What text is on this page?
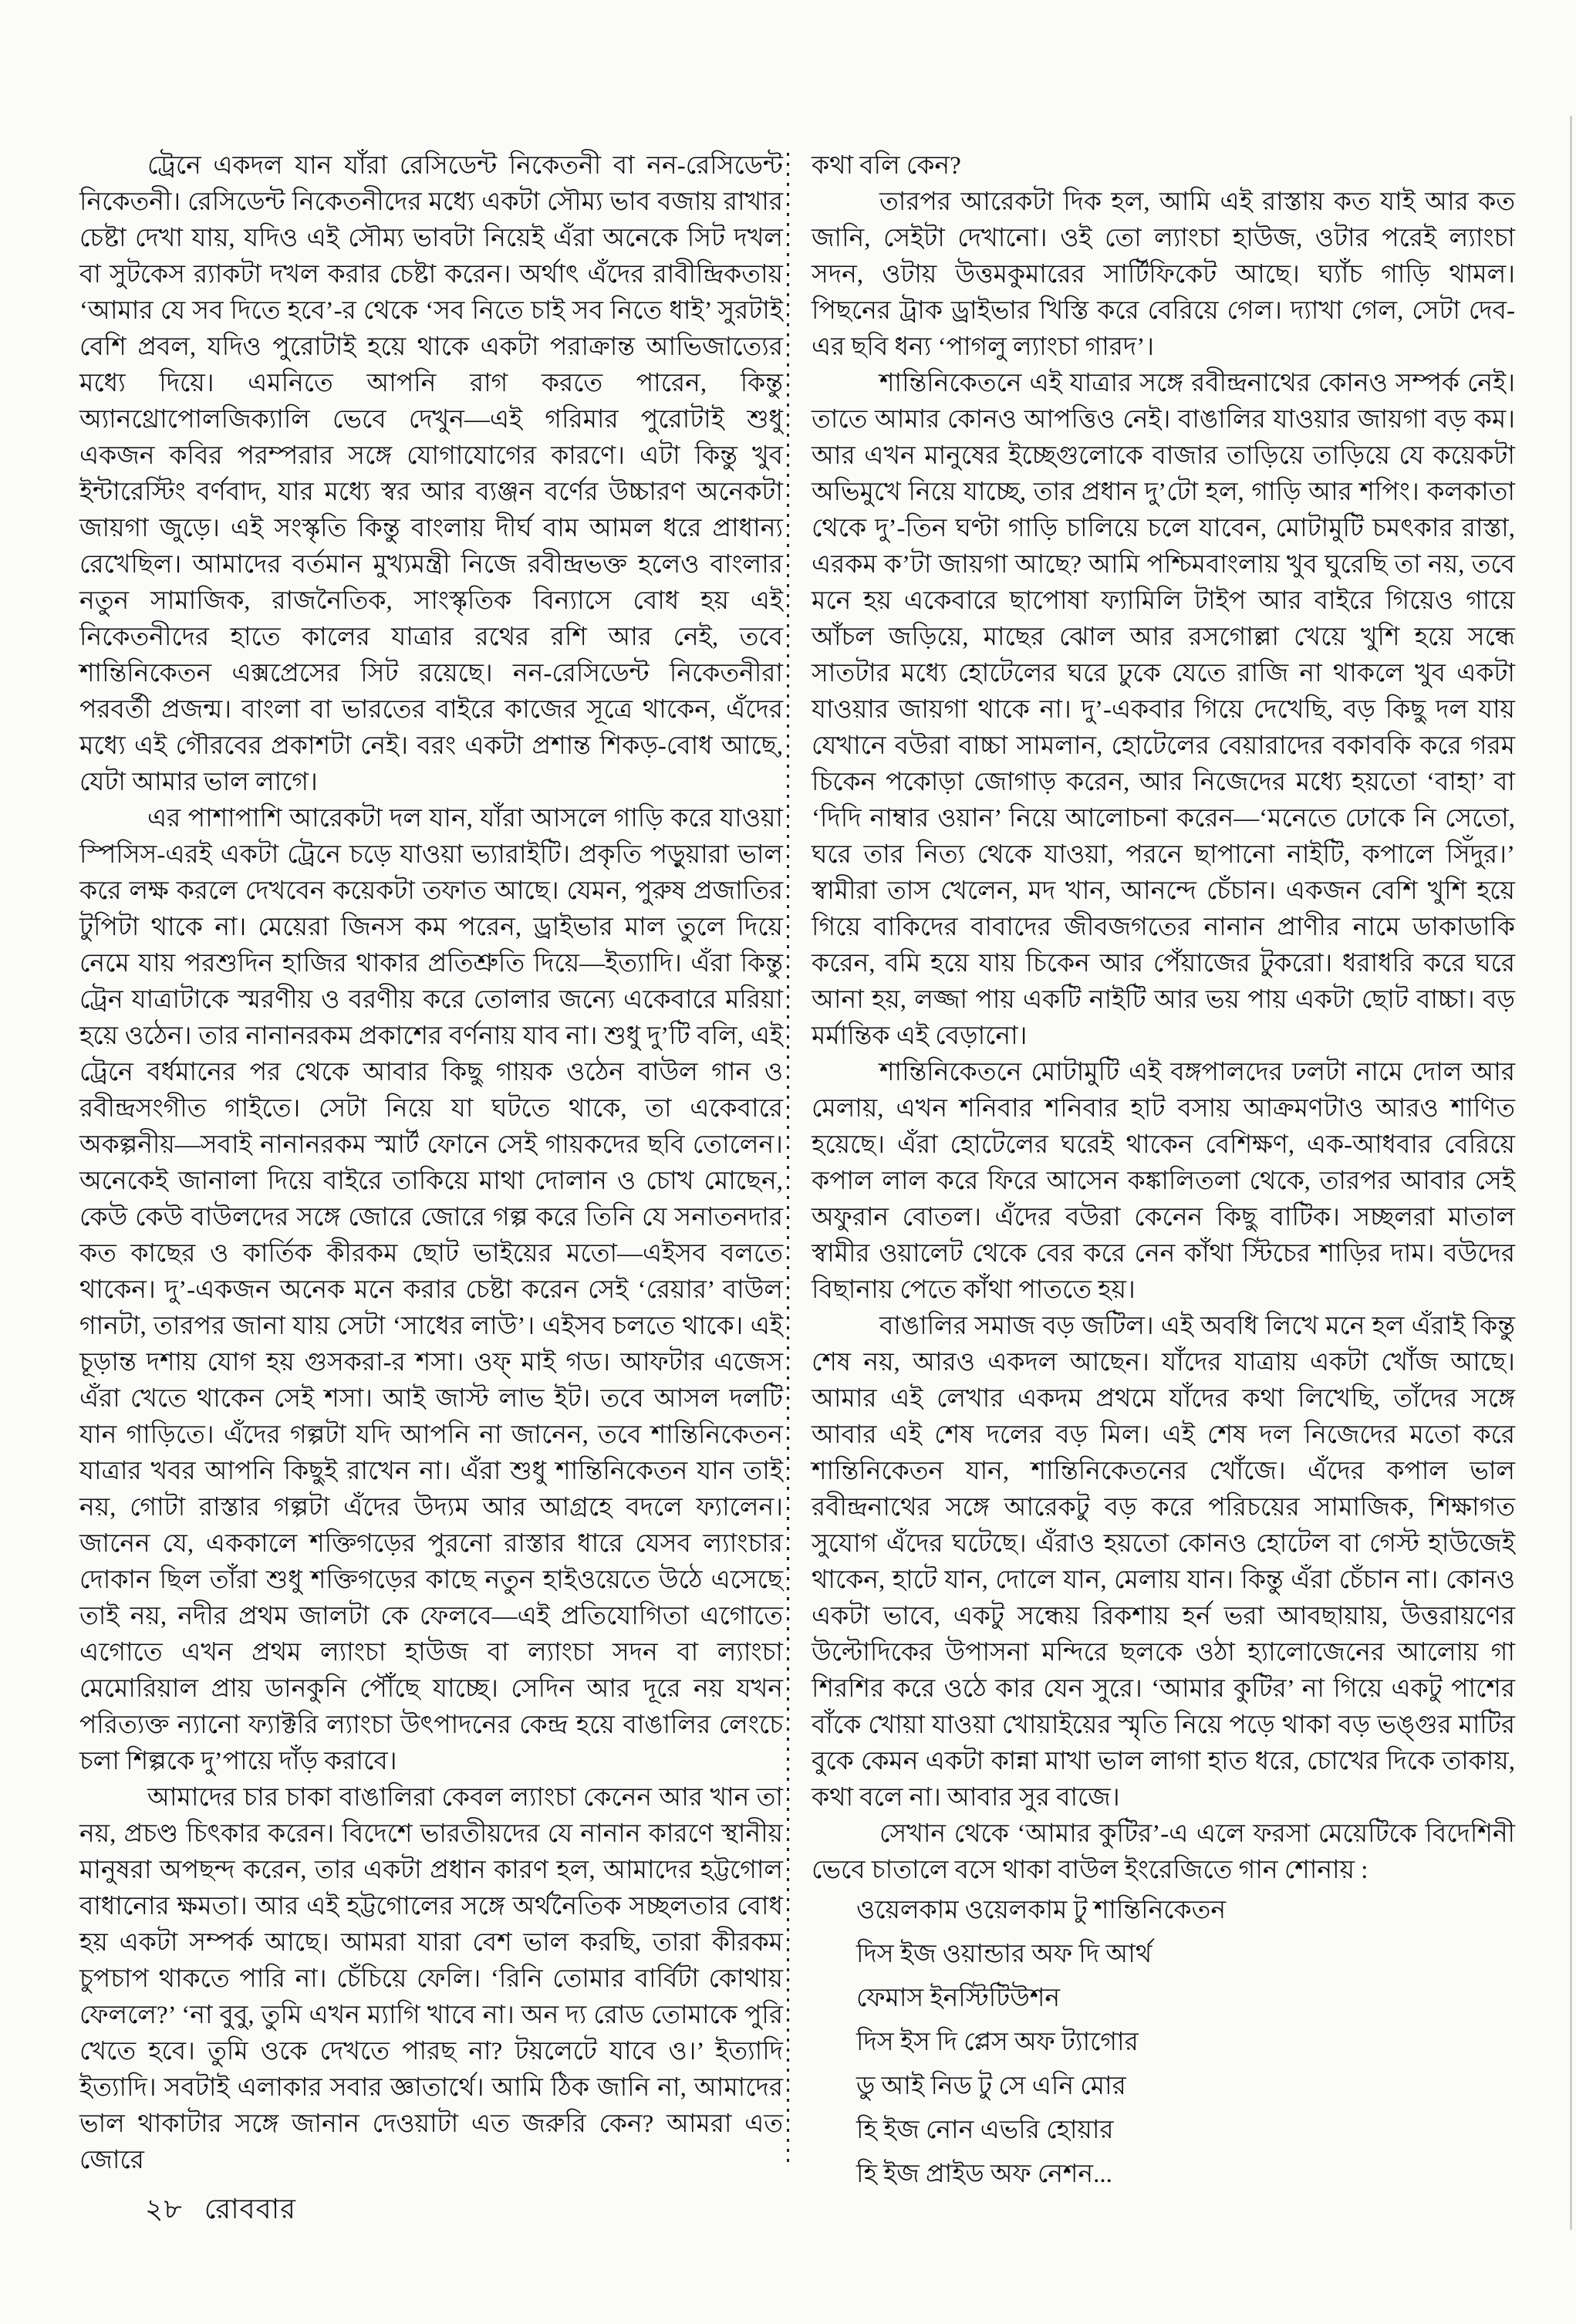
ট্রেনে একদল যান যাঁরা রেসিডেন্ট নিকেতনী বা নন-রেসিডেন্ট নিকেতনী। রেসিডেন্ট নিকেতনীদের মধ্যে একটা সৌম্য ভাব বজায় রাখার চেষ্টা দেখা যায়, যদিও এই সৌম্য ভাবটা নিয়েই এঁরা অনেকে সিট দখল বা সুটকেস র‍্যাকটা দখল করার চেষ্টা করেন। অর্থাৎ এঁদের রাবীন্দ্রিকতায় ‘আমার যে সব দিতে হবে’-র থেকে ‘সব নিতে চাই সব নিতে ধাই’ সুরটাই বেশি প্রবল, যদিও পুরোটাই হয়ে থাকে একটা পরাক্রান্ত আভিজাত্যের মধ্যে দিয়ে। এমনিতে আপনি রাগ করতে পারেন, কিন্তু অ্যানথ্রোপোলজিক্যালি ভেবে দেখুন—এই গরিমার পুরোটাই শুধু একজন কবির পরম্পরার সঙ্গে যোগাযোগের কারণে। এটা কিন্তু খুব ইন্টারেস্টিং বর্ণবাদ, যার মধ্যে স্বর আর ব্যঞ্জন বর্ণের উচ্চারণ অনেকটা জায়গা জুড়ে। এই সংস্কৃতি কিন্তু বাংলায় দীর্ঘ বাম আমল ধরে প্রাধান্য রেখেছিল। আমাদের বর্তমান মুখ্যমন্ত্রী নিজে রবীন্দ্রভক্ত হলেও বাংলার নতুন সামাজিক, রাজনৈতিক, সাংস্কৃতিক বিন্যাসে বোধ হয় এই নিকেতনীদের হাতে কালের যাত্রার রথের রশি আর নেই, তবে শান্তিনিকেতন এক্সপ্রেসের সিট রয়েছে। নন-রেসিডেন্ট নিকেতনীরা পরবর্তী প্রজন্ম। বাংলা বা ভারতের বাইরে কাজের সূত্রে থাকেন, এঁদের মধ্যে এই গৌরবের প্রকাশটা নেই। বরং একটা প্রশান্ত শিকড়-বোধ আছে, যেটা আমার ভাল লাগে।

এর পাশাপাশি আরেকটা দল যান, যাঁরা আসলে গাড়ি করে যাওয়া স্পিসিস-এরই একটা ট্রেনে চড়ে যাওয়া ভ্যারাইটি। প্রকৃতি পড়ুয়ারা ভাল করে লক্ষ করলে দেখবেন কয়েকটা তফাত আছে। যেমন, পুরুষ প্রজাতির টুপিটা থাকে না। মেয়েরা জিনস কম পরেন, ড্রাইভার মাল তুলে দিয়ে নেমে যায় পরশুদিন হাজির থাকার প্রতিশ্রুতি দিয়ে—ইত্যাদি। এঁরা কিন্তু ট্রেন যাত্রাটাকে স্মরণীয় ও বরণীয় করে তোলার জন্যে একেবারে মরিয়া হয়ে ওঠেন। তার নানানরকম প্রকাশের বর্ণনায় যাব না। শুধু দু’টি বলি, এই ট্রেনে বর্ধমানের পর থেকে আবার কিছু গায়ক ওঠেন বাউল গান ও রবীন্দ্রসংগীত গাইতে। সেটা নিয়ে যা ঘটতে থাকে, তা একেবারে অকল্পনীয়—সবাই নানানরকম স্মার্ট ফোনে সেই গায়কদের ছবি তোলেন। অনেকেই জানালা দিয়ে বাইরে তাকিয়ে মাথা দোলান ও চোখ মোছেন, কেউ কেউ বাউলদের সঙ্গে জোরে জোরে গল্প করে তিনি যে সনাতনদার কত কাছের ও কার্তিক কীরকম ছোট ভাইয়ের মতো—এইসব বলতে থাকেন। দু’-একজন অনেক মনে করার চেষ্টা করেন সেই ‘রেয়ার’ বাউল গানটা, তারপর জানা যায় সেটা ‘সাধের লাউ’। এইসব চলতে থাকে। এই চূড়ান্ত দশায় যোগ হয় গুসকরা-র শসা। ওফ্ মাই গড। আফটার এজেস এঁরা খেতে থাকেন সেই শসা। আই জাস্ট লাভ ইট। তবে আসল দলটি যান গাড়িতে। এঁদের গল্পটা যদি আপনি না জানেন, তবে শান্তিনিকেতন যাত্রার খবর আপনি কিছুই রাখেন না। এঁরা শুধু শান্তিনিকেতন যান তাই নয়, গোটা রাস্তার গল্পটা এঁদের উদ্যম আর আগ্রহে বদলে ফ্যালেন। জানেন যে, এককালে শক্তিগড়ের পুরনো রাস্তার ধারে যেসব ল্যাংচার দোকান ছিল তাঁরা শুধু শক্তিগড়ের কাছে নতুন হাইওয়েতে উঠে এসেছে তাই নয়, নদীর প্রথম জালটা কে ফেলবে—এই প্রতিযোগিতা এগোতে এগোতে এখন প্রথম ল্যাংচা হাউজ বা ল্যাংচা সদন বা ল্যাংচা মেমোরিয়াল প্রায় ডানকুনি পৌঁছে যাচ্ছে। সেদিন আর দূরে নয় যখন পরিত্যক্ত ন্যানো ফ্যাক্টরি ল্যাংচা উৎপাদনের কেন্দ্র হয়ে বাঙালির লেংচে চলা শিল্পকে দু’পায়ে দাঁড় করাবে।

আমাদের চার চাকা বাঙালিরা কেবল ল্যাংচা কেনেন আর খান তা নয়, প্রচণ্ড চিৎকার করেন। বিদেশে ভারতীয়দের যে নানান কারণে স্থানীয় মানুষরা অপছন্দ করেন, তার একটা প্রধান কারণ হল, আমাদের হট্টগোল বাধানোর ক্ষমতা। আর এই হট্টগোলের সঙ্গে অর্থনৈতিক সচ্ছলতার বোধ হয় একটা সম্পর্ক আছে। আমরা যারা বেশ ভাল করছি, তারা কীরকম চুপচাপ থাকতে পারি না। চেঁচিয়ে ফেলি। ‘রিনি তোমার বার্বিটা কোথায় ফেললে?’ ‘না বুবু, তুমি এখন ম্যাগি খাবে না। অন দ্য রোড তোমাকে পুরি খেতে হবে। তুমি ওকে দেখতে পারছ না? টয়লেটে যাবে ও।’ ইত্যাদি ইত্যাদি। সবটাই এলাকার সবার জ্ঞাতার্থে। আমি ঠিক জানি না, আমাদের ভাল থাকাটার সঙ্গে জানান দেওয়াটা এত জরুরি কেন? আমরা এত জোরে

কথা বলি কেন?

তারপর আরেকটা দিক হল, আমি এই রাস্তায় কত যাই আর কত জানি, সেইটা দেখানো। ওই তো ল্যাংচা হাউজ, ওটার পরেই ল্যাংচা সদন, ওটায় উত্তমকুমারের সার্টিফিকেট আছে। ঘ্যাঁচ গাড়ি থামল। পিছনের ট্রাক ড্রাইভার খিস্তি করে বেরিয়ে গেল। দ্যাখা গেল, সেটা দেব-এর ছবি ধন্য ‘পাগলু ল্যাংচা গারদ’।

শান্তিনিকেতনে এই যাত্রার সঙ্গে রবীন্দ্রনাথের কোনও সম্পর্ক নেই। তাতে আমার কোনও আপত্তিও নেই। বাঙালির যাওয়ার জায়গা বড় কম। আর এখন মানুষের ইচ্ছেগুলোকে বাজার তাড়িয়ে তাড়িয়ে যে কয়েকটা অভিমুখে নিয়ে যাচ্ছে, তার প্রধান দু’টো হল, গাড়ি আর শপিং। কলকাতা থেকে দু’-তিন ঘণ্টা গাড়ি চালিয়ে চলে যাবেন, মোটামুটি চমৎকার রাস্তা, এরকম ক’টা জায়গা আছে? আমি পশ্চিমবাংলায় খুব ঘুরেছি তা নয়, তবে মনে হয় একেবারে ছাপোষা ফ্যামিলি টাইপ আর বাইরে গিয়েও গায়ে আঁচল জড়িয়ে, মাছের ঝোল আর রসগোল্লা খেয়ে খুশি হয়ে সন্ধে সাতটার মধ্যে হোটেলের ঘরে ঢুকে যেতে রাজি না থাকলে খুব একটা যাওয়ার জায়গা থাকে না। দু’-একবার গিয়ে দেখেছি, বড় কিছু দল যায় যেখানে বউরা বাচ্চা সামলান, হোটেলের বেয়ারাদের বকাবকি করে গরম চিকেন পকোড়া জোগাড় করেন, আর নিজেদের মধ্যে হয়তো ‘বাহা’ বা ‘দিদি নাম্বার ওয়ান’ নিয়ে আলোচনা করেন—‘মনেতে ঢোকে নি সেতো, ঘরে তার নিত্য থেকে যাওয়া, পরনে ছাপানো নাইটি, কপালে সিঁদুর।’ স্বামীরা তাস খেলেন, মদ খান, আনন্দে চেঁচান। একজন বেশি খুশি হয়ে গিয়ে বাকিদের বাবাদের জীবজগতের নানান প্রাণীর নামে ডাকাডাকি করেন, বমি হয়ে যায় চিকেন আর পেঁয়াজের টুকরো। ধরাধরি করে ঘরে আনা হয়, লজ্জা পায় একটি নাইটি আর ভয় পায় একটা ছোট বাচ্চা। বড় মর্মান্তিক এই বেড়ানো।

শান্তিনিকেতনে মোটামুটি এই বঙ্গপালদের ঢলটা নামে দোল আর মেলায়, এখন শনিবার শনিবার হাট বসায় আক্রমণটাও আরও শাণিত হয়েছে। এঁরা হোটেলের ঘরেই থাকেন বেশিক্ষণ, এক-আধবার বেরিয়ে কপাল লাল করে ফিরে আসেন কঙ্কালিতলা থেকে, তারপর আবার সেই অফুরান বোতল। এঁদের বউরা কেনেন কিছু বাটিক। সচ্ছলরা মাতাল স্বামীর ওয়ালেট থেকে বের করে নেন কাঁথা স্টিচের শাড়ির দাম। বউদের বিছানায় পেতে কাঁথা পাততে হয়।

বাঙালির সমাজ বড় জটিল। এই অবধি লিখে মনে হল এঁরাই কিন্তু শেষ নয়, আরও একদল আছেন। যাঁদের যাত্রায় একটা খোঁজ আছে। আমার এই লেখার একদম প্রথমে যাঁদের কথা লিখেছি, তাঁদের সঙ্গে আবার এই শেষ দলের বড় মিল। এই শেষ দল নিজেদের মতো করে শান্তিনিকেতন যান, শান্তিনিকেতনের খোঁজে। এঁদের কপাল ভাল রবীন্দ্রনাথের সঙ্গে আরেকটু বড় করে পরিচয়ের সামাজিক, শিক্ষাগত সুযোগ এঁদের ঘটেছে। এঁরাও হয়তো কোনও হোটেল বা গেস্ট হাউজেই থাকেন, হাটে যান, দোলে যান, মেলায় যান। কিন্তু এঁরা চেঁচান না। কোনও একটা ভাবে, একটু সন্ধেয় রিকশায় হর্ন ভরা আবছায়ায়, উত্তরায়ণের উল্টোদিকের উপাসনা মন্দিরে ছলকে ওঠা হ্যালোজেনের আলোয় গা শিরশির করে ওঠে কার যেন সুরে। ‘আমার কুটির’ না গিয়ে একটু পাশের বাঁকে খোয়া যাওয়া খোয়াইয়ের স্মৃতি নিয়ে পড়ে থাকা বড় ভঙ্গুর মাটির বুকে কেমন একটা কান্না মাখা ভাল লাগা হাত ধরে, চোখের দিকে তাকায়, কথা বলে না। আবার সুর বাজে।

সেখান থেকে ‘আমার কুটির’-এ এলে ফরসা মেয়েটিকে বিদেশিনী ভেবে চাতালে বসে থাকা বাউল ইংরেজিতে গান শোনায় :

ওয়েলকাম ওয়েলকাম টু শান্তিনিকেতন
দিস ইজ ওয়ান্ডার অফ দি আর্থ
ফেমাস ইনস্টিটিউশন
দিস ইস দি প্লেস অফ ট্যাগোর
ডু আই নিড টু সে এনি মোর
হি ইজ নোন এভরি হোয়ার
হি ইজ প্রাইড অফ নেশন...
২৮ রোববার
